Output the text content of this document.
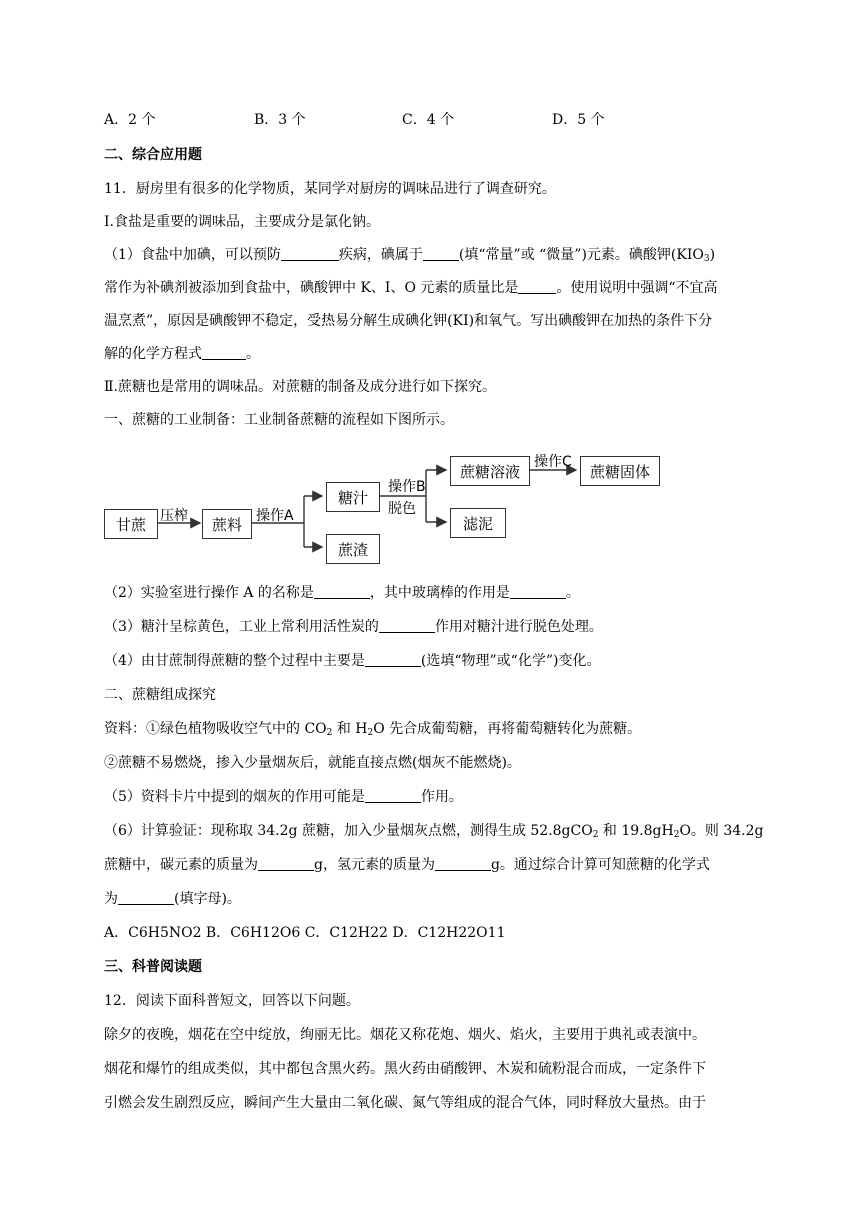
A．2 个	B．3 个	C．4 个	D．5 个
二、综合应用题
11．厨房里有很多的化学物质，某同学对厨房的调味品进行了调查研究。
Ⅰ.食盐是重要的调味品，主要成分是氯化钠。
（1）食盐中加碘，可以预防	疾病，碘属于	(填“常量”或 “微量”)元素。碘酸钾$(KIO_3)$
常作为补碘剂被添加到食盐中，碘酸钾中 K、I、O 元素的质量比是	。使用说明中强调“不宜高
温烹煮”，原因是碘酸钾不稳定，受热易分解生成碘化钾(KI)和氧气。写出碘酸钾在加热的条件下分
解的化学方程式	。
Ⅱ.蔗糖也是常用的调味品。对蔗糖的制备及成分进行如下探究。
一、蔗糖的工业制备：工业制备蔗糖的流程如下图所示。
甘蔗	压榨	蔗料	操作A
糖汁
蔗渣
操作B
脱色
蔗糖溶液
滤泥
操作C
蔗糖固体
（2）实验室进行操作 A 的名称是	，其中玻璃棒的作用是	。
（3）糖汁呈棕黄色，工业上常利用活性炭的	作用对糖汁进行脱色处理。
（4）由甘蔗制得蔗糖的整个过程中主要是	(选填“物理”或“化学”)变化。
二、蔗糖组成探究
资料：①绿色植物吸收空气中的 $CO_2$ 和 $H_2O$ 先合成葡萄糖，再将葡萄糖转化为蔗糖。
②蔗糖不易燃烧，掺入少量烟灰后，就能直接点燃(烟灰不能燃烧)。
（5）资料卡片中提到的烟灰的作用可能是	作用。
（6）计算验证：现称取 34.2g 蔗糖，加入少量烟灰点燃，测得生成 52.8gCO$_2$ 和 $19.8gH_2O$。则 34.2g
蔗糖中，碳元素的质量为	g，氢元素的质量为	g。通过综合计算可知蔗糖的化学式
为	(填字母)。
A．C6H5NO2 B．C6H12O6 C．C12H22 D．C12H22O11
三、科普阅读题
12．阅读下面科普短文，回答以下问题。
除夕的夜晚，烟花在空中绽放，绚丽无比。烟花又称花炮、烟火、焰火，主要用于典礼或表演中。
烟花和爆竹的组成类似，其中都包含黑火药。黑火药由硝酸钾、木炭和硫粉混合而成，一定条件下
引燃会发生剧烈反应，瞬间产生大量由二氧化碳、氮气等组成的混合气体，同时释放大量热。由于
